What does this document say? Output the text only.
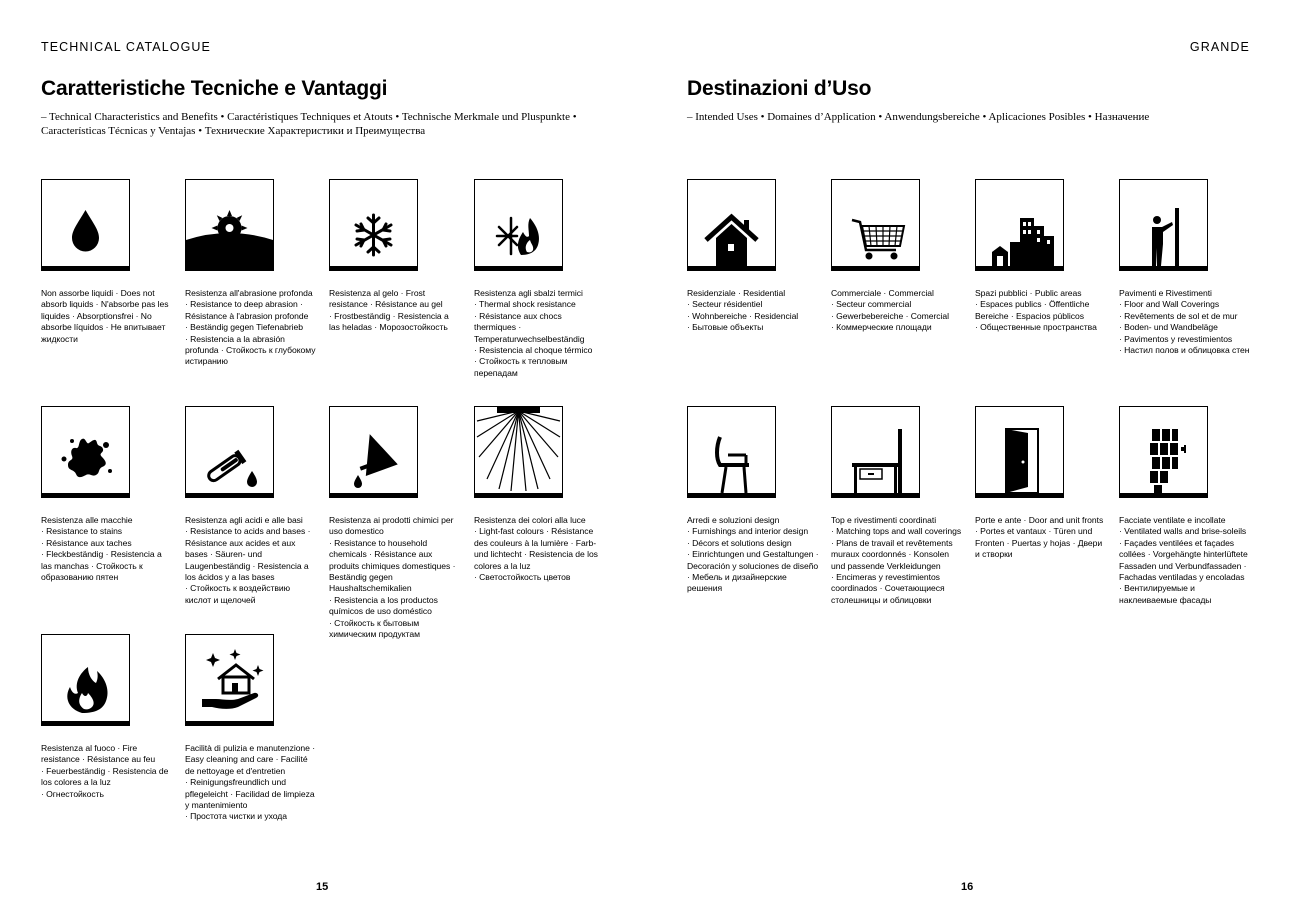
TECHNICAL CATALOGUE	GRANDE
Caratteristiche Tecniche e Vantaggi
– Technical Characteristics and Benefits • Caractéristiques Techniques et Atouts • Technische Merkmale und Pluspunkte • Características Técnicas y Ventajas • Технические Характеристики и Преимущества
Destinazioni d’Uso
– Intended Uses • Domaines d’Application • Anwendungsbereiche • Aplicaciones Posibles • Назначение
Non assorbe liquidi · Does not absorb liquids · N'absorbe pas les liquides · Absorptionsfrei · No absorbe líquidos · Не впитывает жидкости
Resistenza all'abrasione profonda · Resistance to deep abrasion · Résistance à l'abrasion profonde
· Beständig gegen Tiefenabrieb
· Resistencia a la abrasión profunda · Стойкость к глубокому истиранию
Resistenza al gelo · Frost resistance · Résistance au gel
· Frostbeständig · Resistencia a las heladas · Морозостойкость
Resistenza agli sbalzi termici
· Thermal shock resistance
· Résistance aux chocs thermiques ·
Temperaturwechselbeständig
· Resistencia al choque térmico
· Стойкость к тепловым перепадам
Resistenza alle macchie
· Resistance to stains
· Résistance aux taches
· Fleckbeständig · Resistencia a las manchas · Стойкость к образованию пятен
Resistenza agli acidi e alle basi
· Resistance to acids and bases · Résistance aux acides et aux bases · Säuren- und Laugenbeständig · Resistencia a los ácidos y a las bases
· Стойкость к воздействию кислот и щелочей
Resistenza ai prodotti chimici per uso domestico
· Resistance to household chemicals · Résistance aux produits chimiques domestiques · Beständig gegen Haushaltschemikalien
· Resistencia a los productos químicos de uso doméstico
· Стойкость к бытовым химическим продуктам
Resistenza dei colori alla luce
· Light-fast colours · Résistance des couleurs à la lumière · Farb- und lichtecht · Resistencia de los colores a la luz
· Светостойкость цветов
Resistenza al fuoco · Fire resistance · Résistance au feu
· Feuerbeständig · Resistencia de los colores a la luz
· Огнестойкость
Facilità di pulizia e manutenzione · Easy cleaning and care · Facilité de nettoyage et d'entretien
· Reinigungsfreundlich und pflegeleicht · Facilidad de limpieza y mantenimiento
· Простота чистки и ухода
Residenziale · Residential
· Secteur résidentiel
· Wohnbereiche · Residencial
· Бытовые объекты
Commerciale · Commercial
· Secteur commercial
· Gewerbebereiche · Comercial
· Коммерческие площади
Spazi pubblici · Public areas
· Espaces publics · Öffentliche Bereiche · Espacios públicos
· Общественные пространства
Pavimenti e Rivestimenti
· Floor and Wall Coverings
· Revêtements de sol et de mur
· Boden- und Wandbeläge
· Pavimentos y revestimientos
· Настил полов и облицовка стен
Arredi e soluzioni design
· Furnishings and interior design
· Décors et solutions design
· Einrichtungen und Gestaltungen · Decoración y soluciones de diseño · Мебель и дизайнерские решения
Top e rivestimenti coordinati
· Matching tops and wall coverings · Plans de travail et revêtements muraux coordonnés · Konsolen und passende Verkleidungen
· Encimeras y revestimientos coordinados · Сочетающиеся столешницы и облицовки
Porte e ante · Door and unit fronts · Portes et vantaux · Türen und Fronten · Puertas y hojas · Двери и створки
Facciate ventilate e incollate
· Ventilated walls and brise-soleils · Façades ventilées et façades collées · Vorgehängte hinterlüftete Fassaden und Verbundfassaden · Fachadas ventiladas y encoladas
· Вентилируемые и наклеиваемые фасады
15	16
